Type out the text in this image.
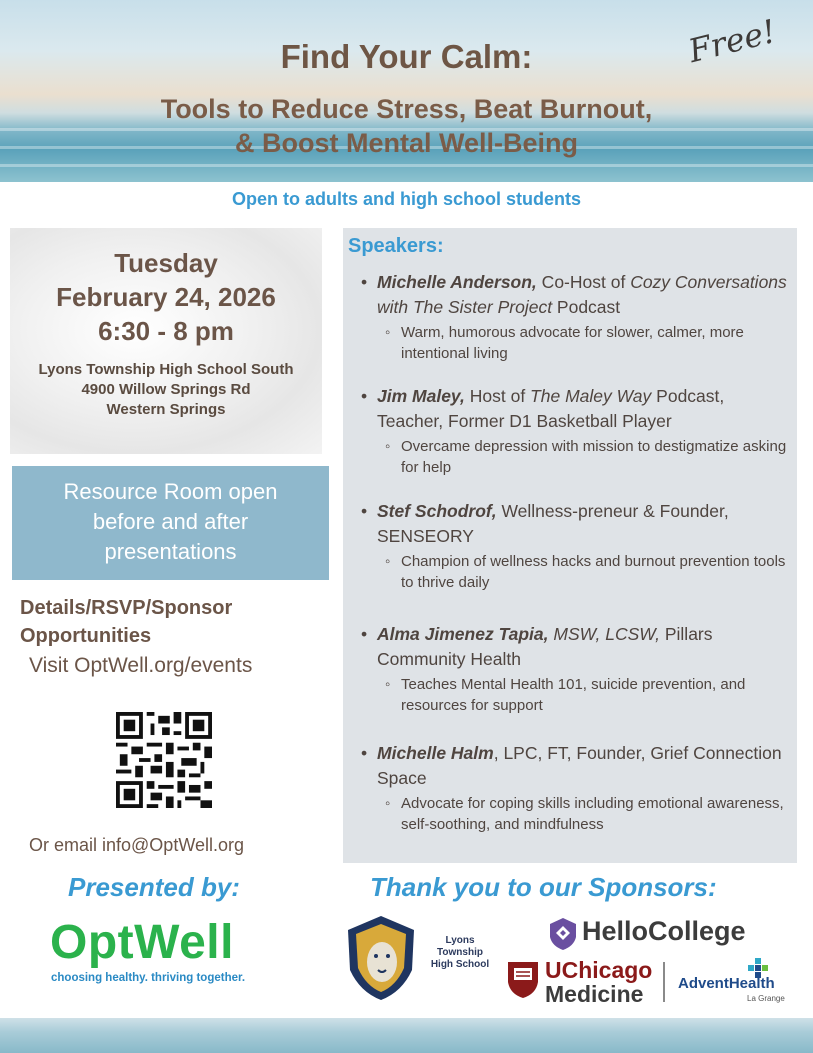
Find Your Calm:
Tools to Reduce Stress, Beat Burnout,
& Boost Mental Well-Being
Free!
Open to adults and high school students
Tuesday
February 24, 2026
6:30 - 8 pm
Lyons Township High School South
4900 Willow Springs Rd
Western Springs
Resource Room open
before and after
presentations
Details/RSVP/Sponsor
Opportunities
Visit OptWell.org/events
Or email info@OptWell.org
Presented by:
OptWell
choosing healthy. thriving together.
Speakers:
• Michelle Anderson, Co-Host of Cozy Conversations with The Sister Project Podcast
◦ Warm, humorous advocate for slower, calmer, more intentional living
• Jim Maley, Host of The Maley Way Podcast, Teacher, Former D1 Basketball Player
◦ Overcame depression with mission to destigmatize asking for help
• Stef Schodrof, Wellness-preneur & Founder, SENSEORY
◦ Champion of wellness hacks and burnout prevention tools to thrive daily
• Alma Jimenez Tapia, MSW, LCSW, Pillars Community Health
◦ Teaches Mental Health 101, suicide prevention, and resources for support
• Michelle Halm, LPC, FT, Founder, Grief Connection Space
◦ Advocate for coping skills including emotional awareness, self-soothing, and mindfulness
Thank you to our Sponsors:
Lyons
Township
High School
HelloCollege
UChicago
Medicine	AdventHealth
La Grange
